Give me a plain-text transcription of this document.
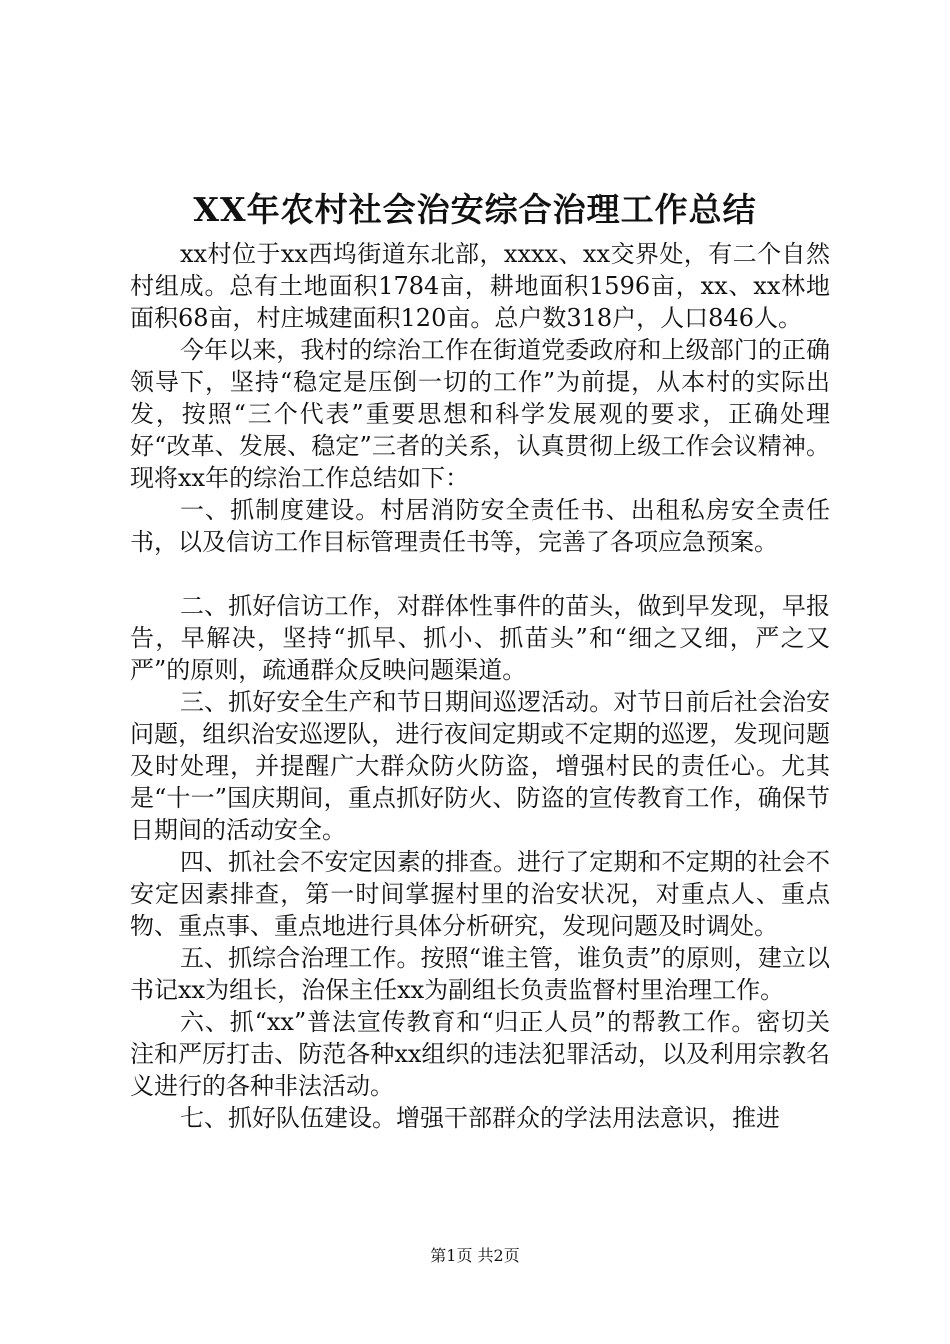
XX年农村社会治安综合治理工作总结

xx村位于xx西坞街道东北部，xxxx、xx交界处，有二个自然村组成。总有土地面积1784亩，耕地面积1596亩，xx、xx林地面积68亩，村庄城建面积120亩。总户数318户，人口846人。

今年以来，我村的综治工作在街道党委政府和上级部门的正确领导下，坚持“稳定是压倒一切的工作”为前提，从本村的实际出发，按照“三个代表”重要思想和科学发展观的要求，正确处理好“改革、发展、稳定”三者的关系，认真贯彻上级工作会议精神。现将xx年的综治工作总结如下：

一、抓制度建设。村居消防安全责任书、出租私房安全责任书，以及信访工作目标管理责任书等，完善了各项应急预案。

二、抓好信访工作，对群体性事件的苗头，做到早发现，早报告，早解决，坚持“抓早、抓小、抓苗头”和“细之又细，严之又严”的原则，疏通群众反映问题渠道。

三、抓好安全生产和节日期间巡逻活动。对节日前后社会治安问题，组织治安巡逻队，进行夜间定期或不定期的巡逻，发现问题及时处理，并提醒广大群众防火防盗，增强村民的责任心。尤其是“十一”国庆期间，重点抓好防火、防盗的宣传教育工作，确保节日期间的活动安全。

四、抓社会不安定因素的排查。进行了定期和不定期的社会不安定因素排查，第一时间掌握村里的治安状况，对重点人、重点物、重点事、重点地进行具体分析研究，发现问题及时调处。

五、抓综合治理工作。按照“谁主管，谁负责”的原则，建立以书记xx为组长，治保主任xx为副组长负责监督村里治理工作。

六、抓“xx”普法宣传教育和“归正人员”的帮教工作。密切关注和严厉打击、防范各种xx组织的违法犯罪活动，以及利用宗教名义进行的各种非法活动。

七、抓好队伍建设。增强干部群众的学法用法意识，推进

第1页 共2页
